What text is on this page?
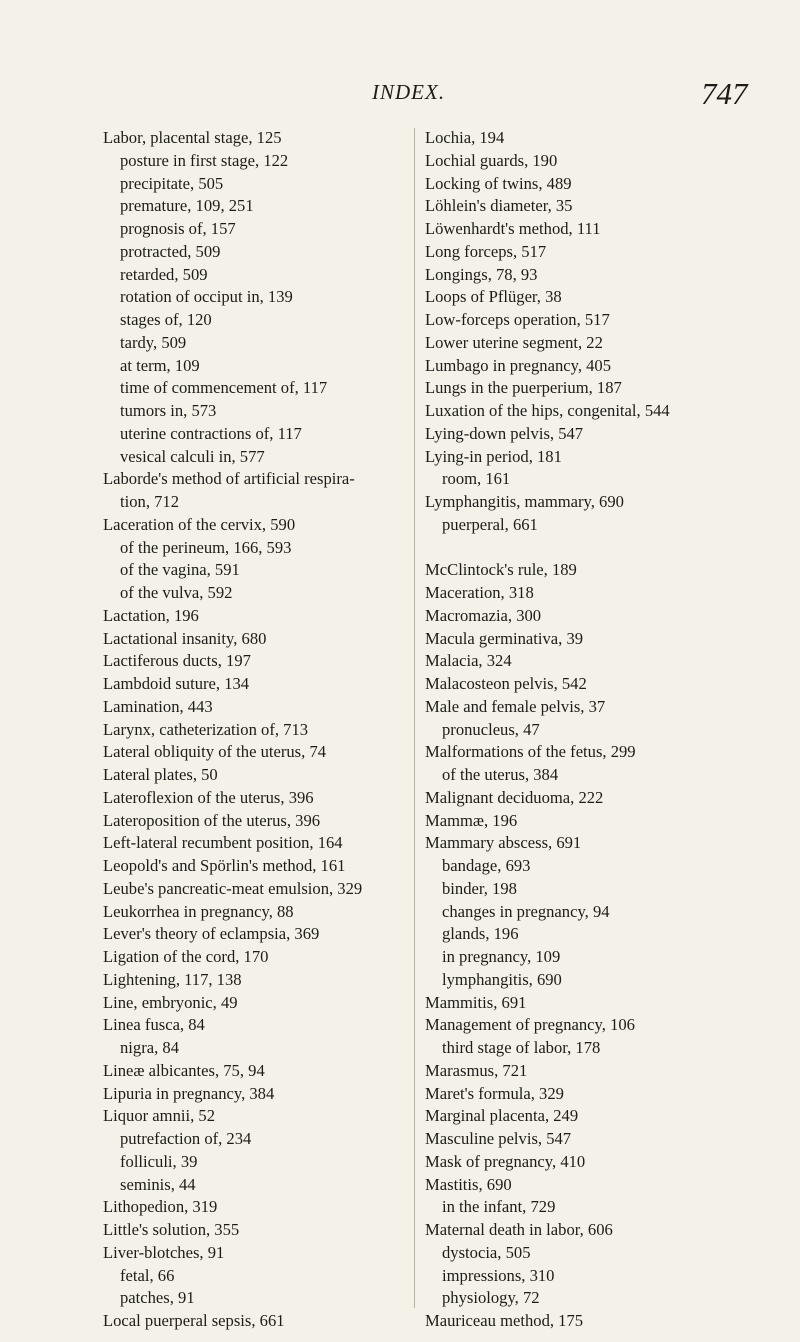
INDEX.	747
Labor, placental stage, 125
posture in first stage, 122
precipitate, 505
premature, 109, 251
prognosis of, 157
protracted, 509
retarded, 509
rotation of occiput in, 139
stages of, 120
tardy, 509
at term, 109
time of commencement of, 117
tumors in, 573
uterine contractions of, 117
vesical calculi in, 577
Laborde's method of artificial respira-
tion, 712
Laceration of the cervix, 590
of the perineum, 166, 593
of the vagina, 591
of the vulva, 592
Lactation, 196
Lactational insanity, 680
Lactiferous ducts, 197
Lambdoid suture, 134
Lamination, 443
Larynx, catheterization of, 713
Lateral obliquity of the uterus, 74
Lateral plates, 50
Lateroflexion of the uterus, 396
Lateroposition of the uterus, 396
Left-lateral recumbent position, 164
Leopold's and Spörlin's method, 161
Leube's pancreatic-meat emulsion, 329
Leukorrhea in pregnancy, 88
Lever's theory of eclampsia, 369
Ligation of the cord, 170
Lightening, 117, 138
Line, embryonic, 49
Linea fusca, 84
nigra, 84
Lineæ albicantes, 75, 94
Lipuria in pregnancy, 384
Liquor amnii, 52
putrefaction of, 234
folliculi, 39
seminis, 44
Lithopedion, 319
Little's solution, 355
Liver-blotches, 91
fetal, 66
patches, 91
Local puerperal sepsis, 661
Lochia, 194
Lochial guards, 190
Locking of twins, 489
Löhlein's diameter, 35
Löwenhardt's method, 111
Long forceps, 517
Longings, 78, 93
Loops of Pflüger, 38
Low-forceps operation, 517
Lower uterine segment, 22
Lumbago in pregnancy, 405
Lungs in the puerperium, 187
Luxation of the hips, congenital, 544
Lying-down pelvis, 547
Lying-in period, 181
room, 161
Lymphangitis, mammary, 690
puerperal, 661
McClintock's rule, 189
Maceration, 318
Macromazia, 300
Macula germinativa, 39
Malacia, 324
Malacosteon pelvis, 542
Male and female pelvis, 37
pronucleus, 47
Malformations of the fetus, 299
of the uterus, 384
Malignant deciduoma, 222
Mammæ, 196
Mammary abscess, 691
bandage, 693
binder, 198
changes in pregnancy, 94
glands, 196
in pregnancy, 109
lymphangitis, 690
Mammitis, 691
Management of pregnancy, 106
third stage of labor, 178
Marasmus, 721
Maret's formula, 329
Marginal placenta, 249
Masculine pelvis, 547
Mask of pregnancy, 410
Mastitis, 690
in the infant, 729
Maternal death in labor, 606
dystocia, 505
impressions, 310
physiology, 72
Mauriceau method, 175
